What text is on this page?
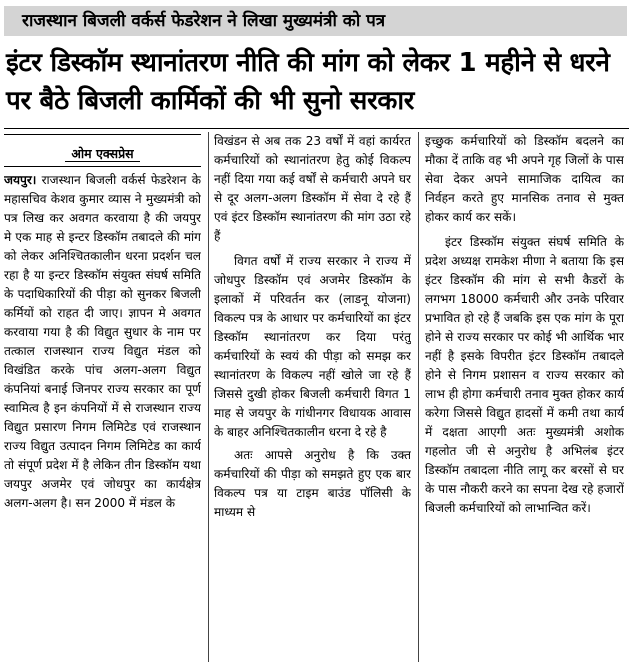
राजस्थान बिजली वर्कर्स फेडरेशन ने लिखा मुख्यमंत्री को पत्र
इंटर डिस्कॉम स्थानांतरण नीति की मांग को लेकर 1 महीने से धरने पर बैठे बिजली कार्मिकों की भी सुनो सरकार
ओम एक्सप्रेस

जयपुर। राजस्थान बिजली वर्कर्स फेडरेशन के महासचिव केशव कुमार व्यास ने मुख्यमंत्री को पत्र लिख कर अवगत करवाया है की जयपुर मे एक माह से इन्टर डिस्कॉम तबादले की मांग को लेकर अनिश्चितकालीन धरना प्रदर्शन चल रहा है या इन्टर डिस्कॉम संयुक्त संघर्ष समिति के पदाधिकारियों की पीड़ा को सुनकर बिजली कर्मियों को राहत दी जाए। ज्ञापन मे अवगत करवाया गया है की विद्युत सुधार के नाम पर तत्काल राजस्थान राज्य विद्युत मंडल को विखंडित करके पांच अलग-अलग विद्युत कंपनियां बनाई जिनपर राज्य सरकार का पूर्ण स्वामित्व है इन कंपनियों में से राजस्थान राज्य विद्युत प्रसारण निगम लिमिटेड एवं राजस्थान राज्य विद्युत उत्पादन निगम लिमिटेड का कार्य तो संपूर्ण प्रदेश में है लेकिन तीन डिस्कॉम यथा जयपुर अजमेर एवं जोधपुर का कार्यक्षेत्र अलग-अलग है। सन 2000 में मंडल के

विखंडन से अब तक 23 वर्षों में वहां कार्यरत कर्मचारियों को स्थानांतरण हेतु कोई विकल्प नहीं दिया गया कई वर्षों से कर्मचारी अपने घर से दूर अलग-अलग डिस्कॉम में सेवा दे रहे हैं एवं इंटर डिस्कॉम स्थानांतरण की मांग उठा रहे हैं

विगत वर्षों में राज्य सरकार ने राज्य में जोधपुर डिस्कॉम एवं अजमेर डिस्कॉम के इलाकों में परिवर्तन कर (लाडनू योजना) विकल्प पत्र के आधार पर कर्मचारियों का इंटर डिस्कॉम स्थानांतरण कर दिया परंतु कर्मचारियों के स्वयं की पीड़ा को समझ कर स्थानांतरण के विकल्प नहीं खोले जा रहे हैं जिससे दुखी होकर बिजली कर्मचारी विगत 1 माह से जयपुर के गांधीनगर विधायक आवास के बाहर अनिश्चितकालीन धरना दे रहे है

अतः आपसे अनुरोध है कि उक्त कर्मचारियों की पीड़ा को समझते हुए एक बार विकल्प पत्र या टाइम बाउंड पॉलिसी के माध्यम से

इच्छुक कर्मचारियों को डिस्कॉम बदलने का मौका दें ताकि वह भी अपने गृह जिलों के पास सेवा देकर अपने सामाजिक दायित्व का निर्वहन करते हुए मानसिक तनाव से मुक्त होकर कार्य कर सकें।

इंटर डिस्कॉम संयुक्त संघर्ष समिति के प्रदेश अध्यक्ष रामकेश मीणा ने बताया कि इस इंटर डिस्कॉम की मांग से सभी कैडरों के लगभग 18000 कर्मचारी और उनके परिवार प्रभावित हो रहे हैं जबकि इस एक मांग के पूरा होने से राज्य सरकार पर कोई भी आर्थिक भार नहीं है इसके विपरीत इंटर डिस्कॉम तबादले होने से निगम प्रशासन व राज्य सरकार को लाभ ही होगा कर्मचारी तनाव मुक्त होकर कार्य करेगा जिससे विद्युत हादसों में कमी तथा कार्य में दक्षता आएगी अतः मुख्यमंत्री अशोक गहलोत जी से अनुरोध है अभिलंब इंटर डिस्कॉम तबादला नीति लागू कर बरसों से घर के पास नौकरी करने का सपना देख रहे हजारों बिजली कर्मचारियों को लाभान्वित करें।
